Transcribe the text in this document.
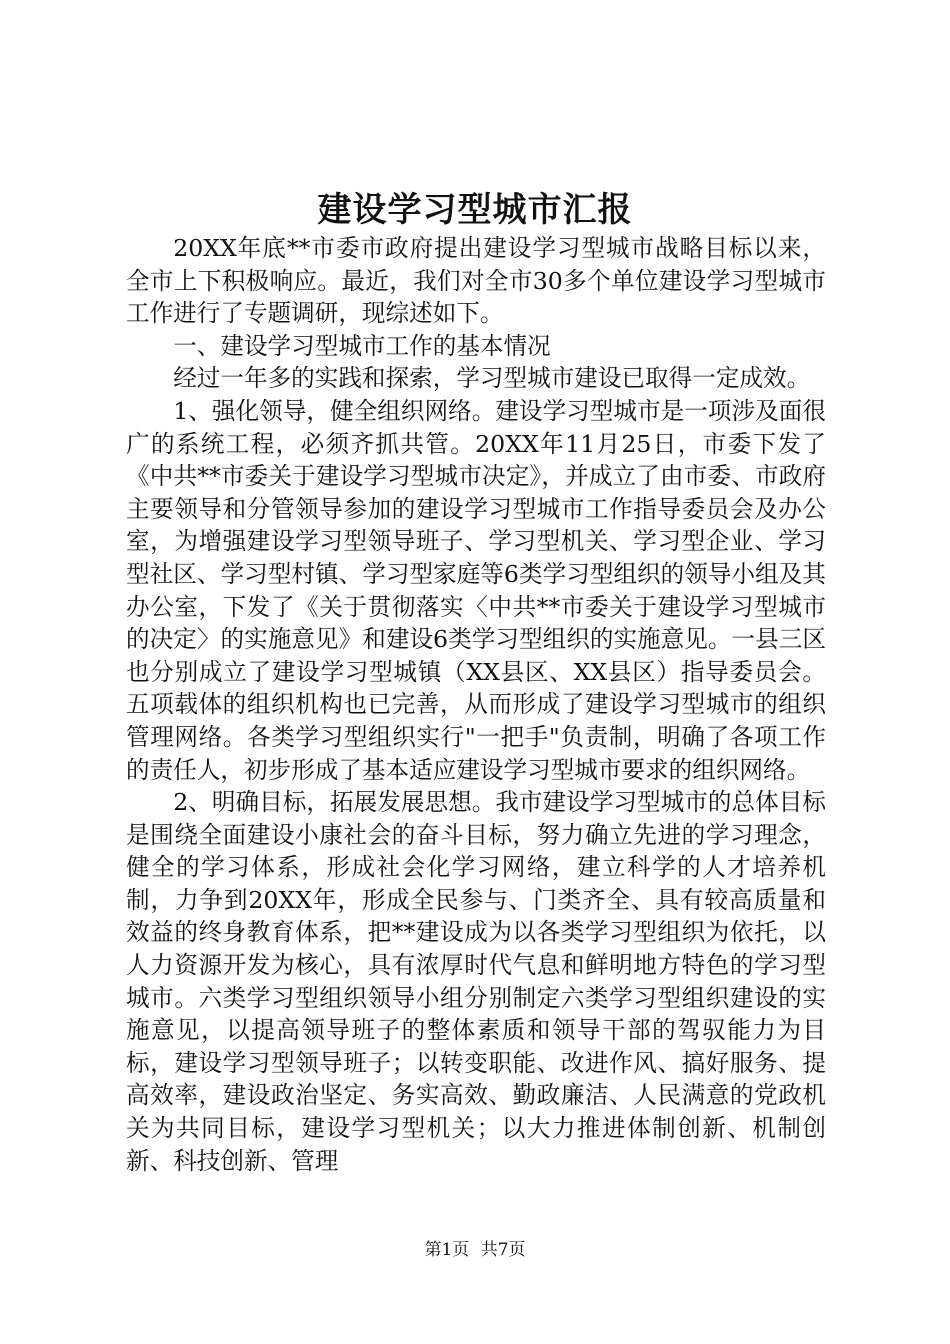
建设学习型城市汇报

20XX年底**市委市政府提出建设学习型城市战略目标以来，全市上下积极响应。最近，我们对全市30多个单位建设学习型城市工作进行了专题调研，现综述如下。

一、建设学习型城市工作的基本情况

经过一年多的实践和探索，学习型城市建设已取得一定成效。

1、强化领导，健全组织网络。建设学习型城市是一项涉及面很广的系统工程，必须齐抓共管。20XX年11月25日，市委下发了《中共**市委关于建设学习型城市决定》，并成立了由市委、市政府主要领导和分管领导参加的建设学习型城市工作指导委员会及办公室，为增强建设学习型领导班子、学习型机关、学习型企业、学习型社区、学习型村镇、学习型家庭等6类学习型组织的领导小组及其办公室，下发了《关于贯彻落实〈中共**市委关于建设学习型城市的决定〉的实施意见》和建设6类学习型组织的实施意见。一县三区也分别成立了建设学习型城镇（XX县区、XX县区）指导委员会。五项载体的组织机构也已完善，从而形成了建设学习型城市的组织管理网络。各类学习型组织实行"一把手"负责制，明确了各项工作的责任人，初步形成了基本适应建设学习型城市要求的组织网络。

2、明确目标，拓展发展思想。我市建设学习型城市的总体目标是围绕全面建设小康社会的奋斗目标，努力确立先进的学习理念，健全的学习体系，形成社会化学习网络，建立科学的人才培养机制，力争到20XX年，形成全民参与、门类齐全、具有较高质量和效益的终身教育体系，把**建设成为以各类学习型组织为依托，以人力资源开发为核心，具有浓厚时代气息和鲜明地方特色的学习型城市。六类学习型组织领导小组分别制定六类学习型组织建设的实施意见，以提高领导班子的整体素质和领导干部的驾驭能力为目标，建设学习型领导班子；以转变职能、改进作风、搞好服务、提高效率，建设政治坚定、务实高效、勤政廉洁、人民满意的党政机关为共同目标，建设学习型机关；以大力推进体制创新、机制创新、科技创新、管理

第1页 共7页
